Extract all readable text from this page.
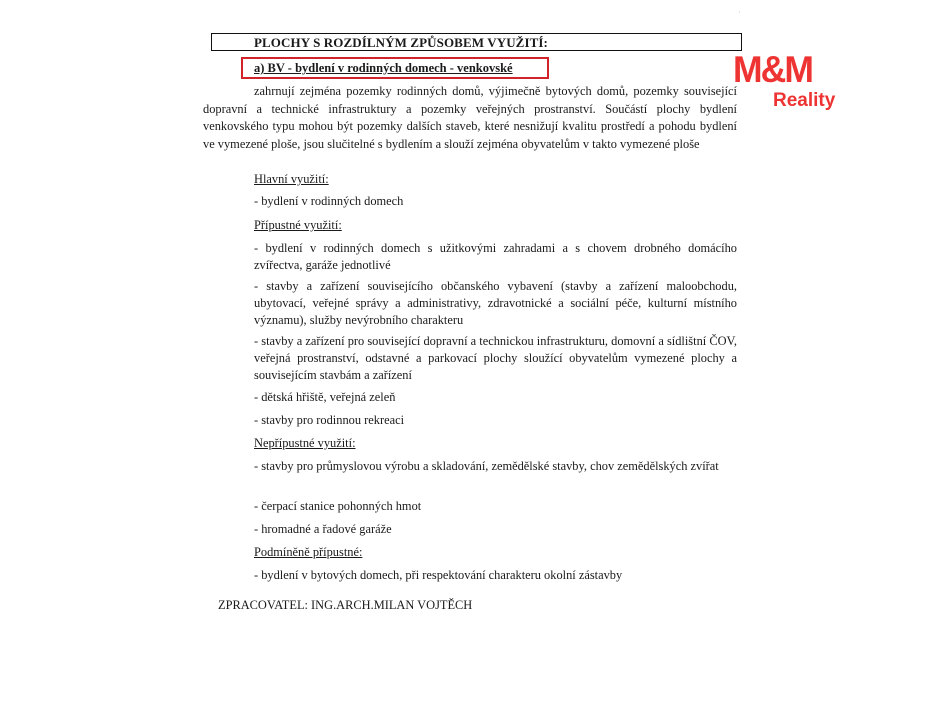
·
PLOCHY S ROZDÍLNÝM ZPŮSOBEM VYUŽITÍ:
a) BV - bydlení v rodinných domech - venkovské

zahrnují zejména pozemky rodinných domů, výjimečně bytových domů, pozemky související dopravní a technické infrastruktury a pozemky veřejných prostranství. Součástí plochy bydlení venkovského typu mohou být pozemky dalších staveb, které nesnižují kvalitu prostředí a pohodu bydlení ve vymezené ploše, jsou slučitelné s bydlením a slouží zejména obyvatelům v takto vymezené ploše

Hlavní využití:

- bydlení v rodinných domech

Přípustné využití:

- bydlení v rodinných domech s užitkovými zahradami a s chovem drobného domácího zvířectva, garáže jednotlivé

- stavby a zařízení souvisejícího občanského vybavení (stavby a zařízení maloobchodu, ubytovací, veřejné správy a administrativy, zdravotnické a sociální péče, kulturní místního významu), služby nevýrobního charakteru

- stavby a zařízení pro související dopravní a technickou infrastrukturu, domovní a sídlištní ČOV, veřejná prostranství, odstavné a parkovací plochy sloužící obyvatelům vymezené plochy a souvisejícím stavbám a zařízení

- dětská hřiště, veřejná zeleň

- stavby pro rodinnou rekreaci

Nepřípustné využití:

- stavby pro průmyslovou výrobu a skladování, zemědělské stavby, chov zemědělských zvířat

- čerpací stanice pohonných hmot

- hromadné a řadové garáže

Podmíněně přípustné:

- bydlení v bytových domech, při respektování charakteru okolní zástavby

ZPRACOVATEL: ING.ARCH.MILAN VOJTĚCH
M&M
Reality
